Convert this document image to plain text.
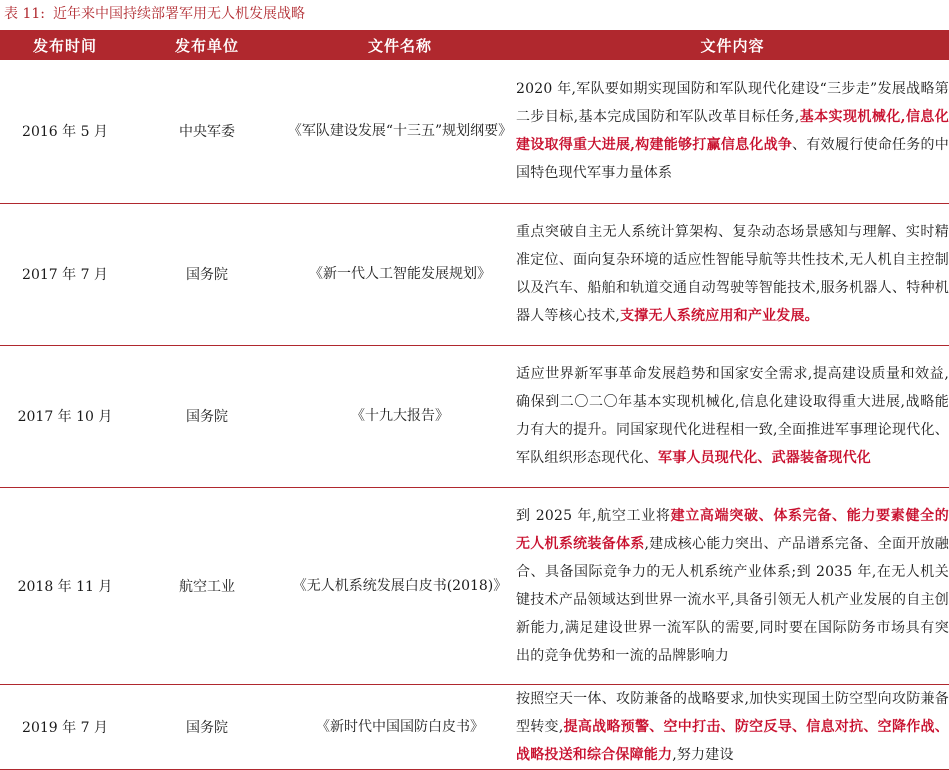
表 11: 近年来中国持续部署军用无人机发展战略
发布时间	发布单位	文件名称	文件内容
2016 年 5 月	中央军委	《军队建设发展“十三五”规划纲要》	2020 年,军队要如期实现国防和军队现代化建设“三步走”发展战略第二步目标,基本完成国防和军队改革目标任务,基本实现机械化,信息化建设取得重大进展,构建能够打赢信息化战争、有效履行使命任务的中国特色现代军事力量体系
2017 年 7 月	国务院	《新一代人工智能发展规划》	重点突破自主无人系统计算架构、复杂动态场景感知与理解、实时精准定位、面向复杂环境的适应性智能导航等共性技术,无人机自主控制以及汽车、船舶和轨道交通自动驾驶等智能技术,服务机器人、特种机器人等核心技术,支撑无人系统应用和产业发展。
2017 年 10 月	国务院	《十九大报告》	适应世界新军事革命发展趋势和国家安全需求,提高建设质量和效益,确保到二〇二〇年基本实现机械化,信息化建设取得重大进展,战略能力有大的提升。同国家现代化进程相一致,全面推进军事理论现代化、军队组织形态现代化、军事人员现代化、武器装备现代化
2018 年 11 月	航空工业	《无人机系统发展白皮书(2018)》	到 2025 年,航空工业将建立高端突破、体系完备、能力要素健全的无人机系统装备体系,建成核心能力突出、产品谱系完备、全面开放融合、具备国际竞争力的无人机系统产业体系;到 2035 年,在无人机关键技术产品领域达到世界一流水平,具备引领无人机产业发展的自主创新能力,满足建设世界一流军队的需要,同时要在国际防务市场具有突出的竞争优势和一流的品牌影响力
2019 年 7 月	国务院	《新时代中国国防白皮书》	按照空天一体、攻防兼备的战略要求,加快实现国土防空型向攻防兼备型转变,提高战略预警、空中打击、防空反导、信息对抗、空降作战、战略投送和综合保障能力,努力建设
